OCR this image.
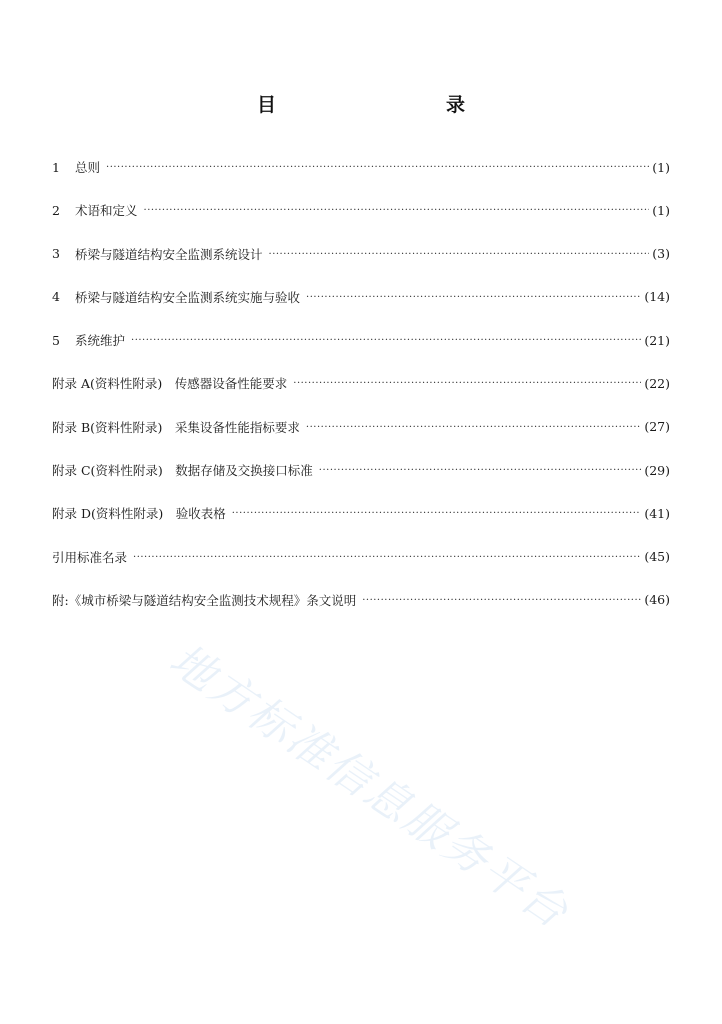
目　　录
1	总则 ·····	(1)
2	术语和定义 ·····	(1)
3	桥梁与隧道结构安全监测系统设计 ·····	(3)
4	桥梁与隧道结构安全监测系统实施与验收 ·····	(14)
5	系统维护 ·····	(21)
附录 A(资料性附录)　传感器设备性能要求 ·····	(22)
附录 B(资料性附录)　采集设备性能指标要求 ·····	(27)
附录 C(资料性附录)　数据存储及交换接口标准 ·····	(29)
附录 D(资料性附录)　验收表格 ·····	(41)
引用标准名录 ·····	(45)
附:《城市桥梁与隧道结构安全监测技术规程》条文说明 ·····	(46)
地方标准信息服务平台
